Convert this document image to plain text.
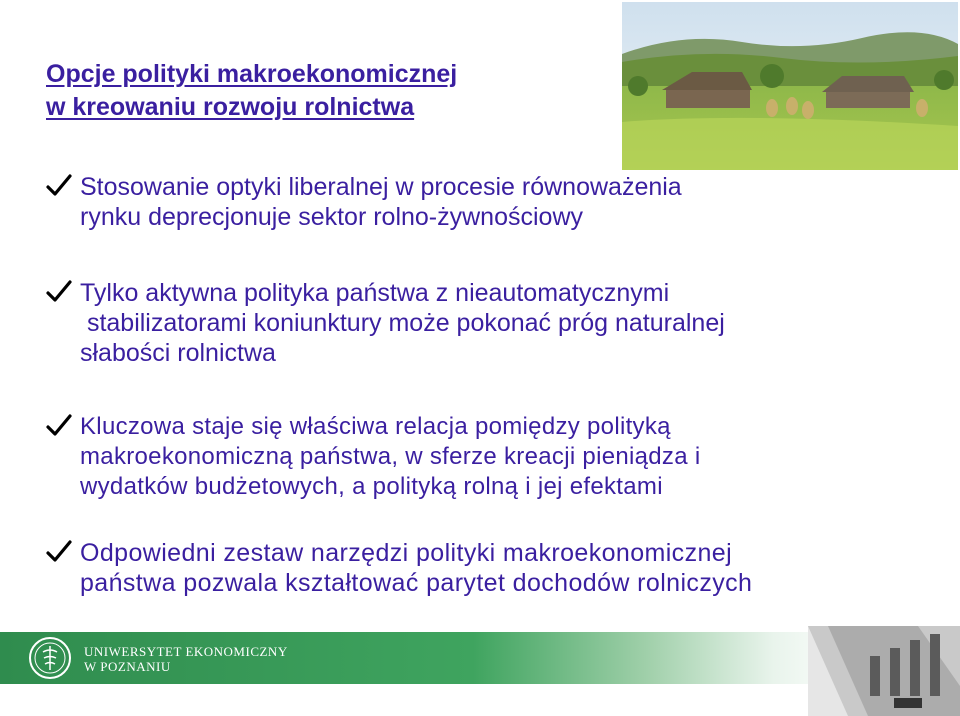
Opcje polityki makroekonomicznej
w kreowaniu rozwoju rolnictwa
Stosowanie optyki liberalnej w procesie równoważenia
rynku deprecjonuje sektor rolno-żywnościowy
Tylko aktywna polityka państwa z nieautomatycznymi
stabilizatorami koniunktury może pokonać próg naturalnej
słabości rolnictwa
Kluczowa staje się właściwa relacja pomiędzy polityką
makroekonomiczną państwa, w sferze kreacji pieniądza i
wydatków budżetowych, a polityką rolną i jej efektami
Odpowiedni zestaw narzędzi polityki makroekonomicznej
państwa pozwala kształtować parytet dochodów rolniczych
UNIWERSYTET EKONOMICZNY
W POZNANIU
